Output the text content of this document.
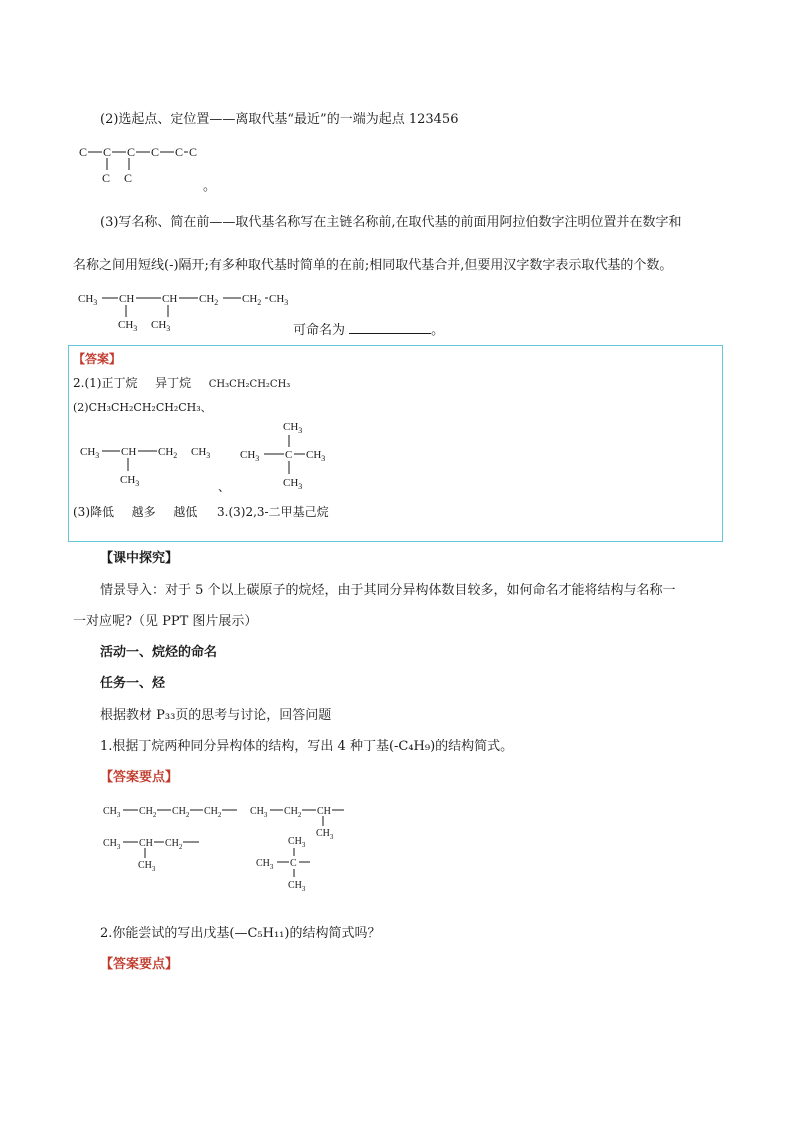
(2)选起点、定位置——离取代基“最近”的一端为起点 123456
C C C C C C
C C
。
(3)写名称、简在前——取代基名称写在主链名称前,在取代基的前面用阿拉伯数字注明位置并在数字和
名称之间用短线(-)隔开;有多种取代基时简单的在前;相同取代基合并,但要用汉字数字表示取代基的个数。
$CH_3$ CH	CH $CH_2$ $CH_2$ $CH_3$
$CH_3$ $CH_3$	可命名为	。
【答案】
2.(1)正丁烷 异丁烷 CH₃CH₂CH₂CH₃
(2)CH₃CH₂CH₂CH₂CH₃、
$CH_3$ CH $CH_2$ $CH_3$
$CH_3$	、
$CH_3$
$CH_3$ C $CH_3$
$CH_3$
(3)降低 越多 越低 3.(3)2,3-二甲基己烷
【课中探究】
情景导入：对于 5 个以上碳原子的烷烃，由于其同分异构体数目较多，如何命名才能将结构与名称一
一对应呢?（见 PPT 图片展示）
活动一、烷烃的命名
任务一、烃
根据教材 P₃₃页的思考与讨论，回答问题
1.根据丁烷两种同分异构体的结构，写出 4 种丁基(-C₄H₉)的结构简式。
【答案要点】
$CH_3$ $CH_2$ $CH_2$ $CH_2$	$CH_3$ $CH_2$ CH
$CH_3$
$CH_3$ CH $CH_2$
$CH_3$
$CH_3$
$CH_3$ C
$CH_3$
2.你能尝试的写出戊基(—C₅H₁₁)的结构简式吗？
【答案要点】
